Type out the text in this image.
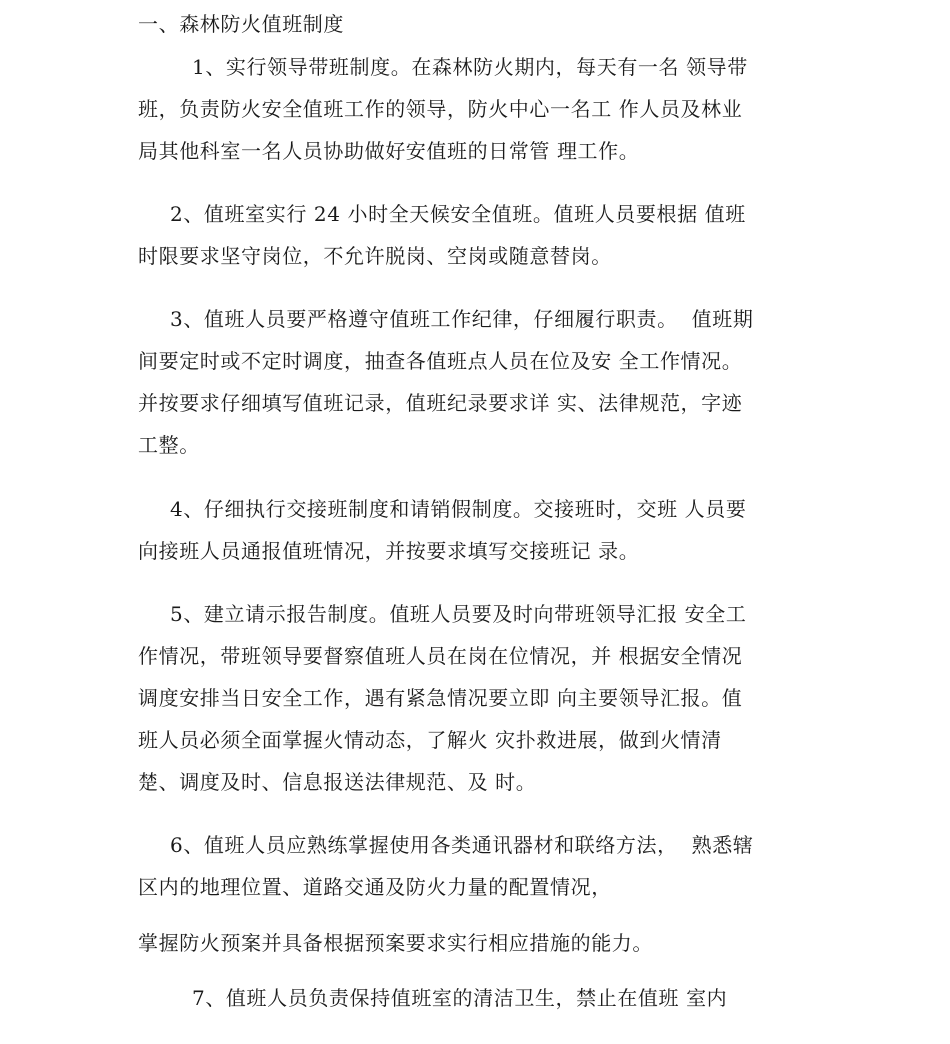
一、森林防火值班制度

1、实行领导带班制度。在森林防火期内，每天有一名 领导带

班，负责防火安全值班工作的领导，防火中心一名工 作人员及林业

局其他科室一名人员协助做好安值班的日常管 理工作。

2、值班室实行 24 小时全天候安全值班。值班人员要根据 值班

时限要求坚守岗位，不允许脱岗、空岗或随意替岗。

3、值班人员要严格遵守值班工作纪律，仔细履行职责。  值班期

间要定时或不定时调度，抽查各值班点人员在位及安 全工作情况。

并按要求仔细填写值班记录，值班纪录要求详 实、法律规范，字迹

工整。

4、仔细执行交接班制度和请销假制度。交接班时，交班 人员要

向接班人员通报值班情况，并按要求填写交接班记 录。

5、建立请示报告制度。值班人员要及时向带班领导汇报 安全工

作情况，带班领导要督察值班人员在岗在位情况，并 根据安全情况

调度安排当日安全工作，遇有紧急情况要立即 向主要领导汇报。值

班人员必须全面掌握火情动态，了解火 灾扑救进展，做到火情清

楚、调度及时、信息报送法律规范、及 时。

6、值班人员应熟练掌握使用各类通讯器材和联络方法，  熟悉辖

区内的地理位置、道路交通及防火力量的配置情况，

掌握防火预案并具备根据预案要求实行相应措施的能力。

7、值班人员负责保持值班室的清洁卫生，禁止在值班 室内
